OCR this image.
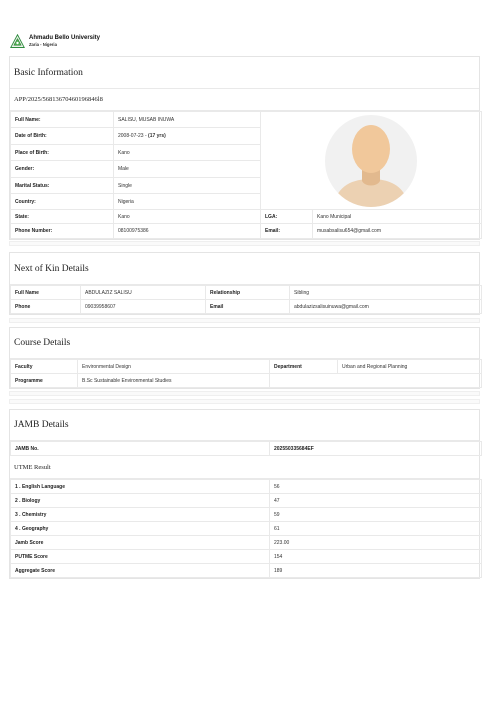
Ahmadu Bello University
Zaria - Nigeria
Basic Information
APP/2025/56813670460196846l8
Full Name:	SALISU, MUSAB INUWA	

Date of Birth:	2008-07-23 - (17 yrs)		
Place of Birth:	Kano		
Gender:	Male		
Marital Status:	Single		
Country:	Nigeria		
State:	Kano	LGA:	Kano Municipal
Phone Number:	08100975386	Email:	musabsalisu654@gmail.com
Next of Kin Details
Full Name	ABDULAZIZ SALISU	Relationship	Sibling
Phone	09039958607	Email	abdulazizsalisuinuwa@gmail.com
Course Details
Faculty	Environmental Design	Department	Urban and Regional Planning
Programme	B.Sc Sustainable Environmental Studies		
JAMB Details
JAMB No.	202550335684EF
UTME Result
1 . English Language	56
2 . Biology	47
3 . Chemistry	59
4 . Geography	61
Jamb Score	223.00
PUTME Score	154
Aggregate Score	189
